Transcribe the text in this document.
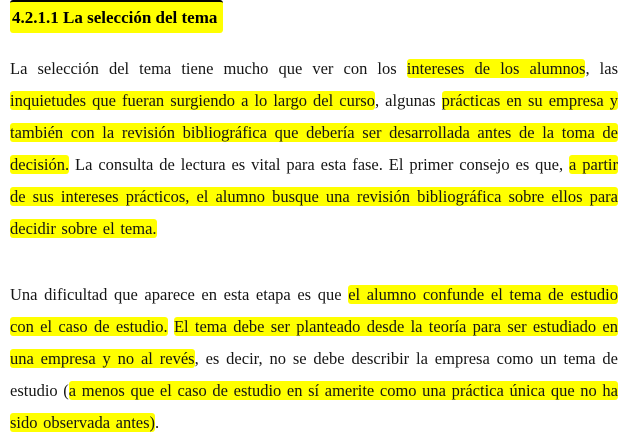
4.2.1.1 La selección del tema

La selección del tema tiene mucho que ver con los intereses de los alumnos, las inquietudes que fueran surgiendo a lo largo del curso, algunas prácticas en su empresa y también con la revisión bibliográfica que debería ser desarrollada antes de la toma de decisión. La consulta de lectura es vital para esta fase. El primer consejo es que, a partir de sus intereses prácticos, el alumno busque una revisión bibliográfica sobre ellos para decidir sobre el tema.

Una dificultad que aparece en esta etapa es que el alumno confunde el tema de estudio con el caso de estudio. El tema debe ser planteado desde la teoría para ser estudiado en una empresa y no al revés, es decir, no se debe describir la empresa como un tema de estudio (a menos que el caso de estudio en sí amerite como una práctica única que no ha sido observada antes).
